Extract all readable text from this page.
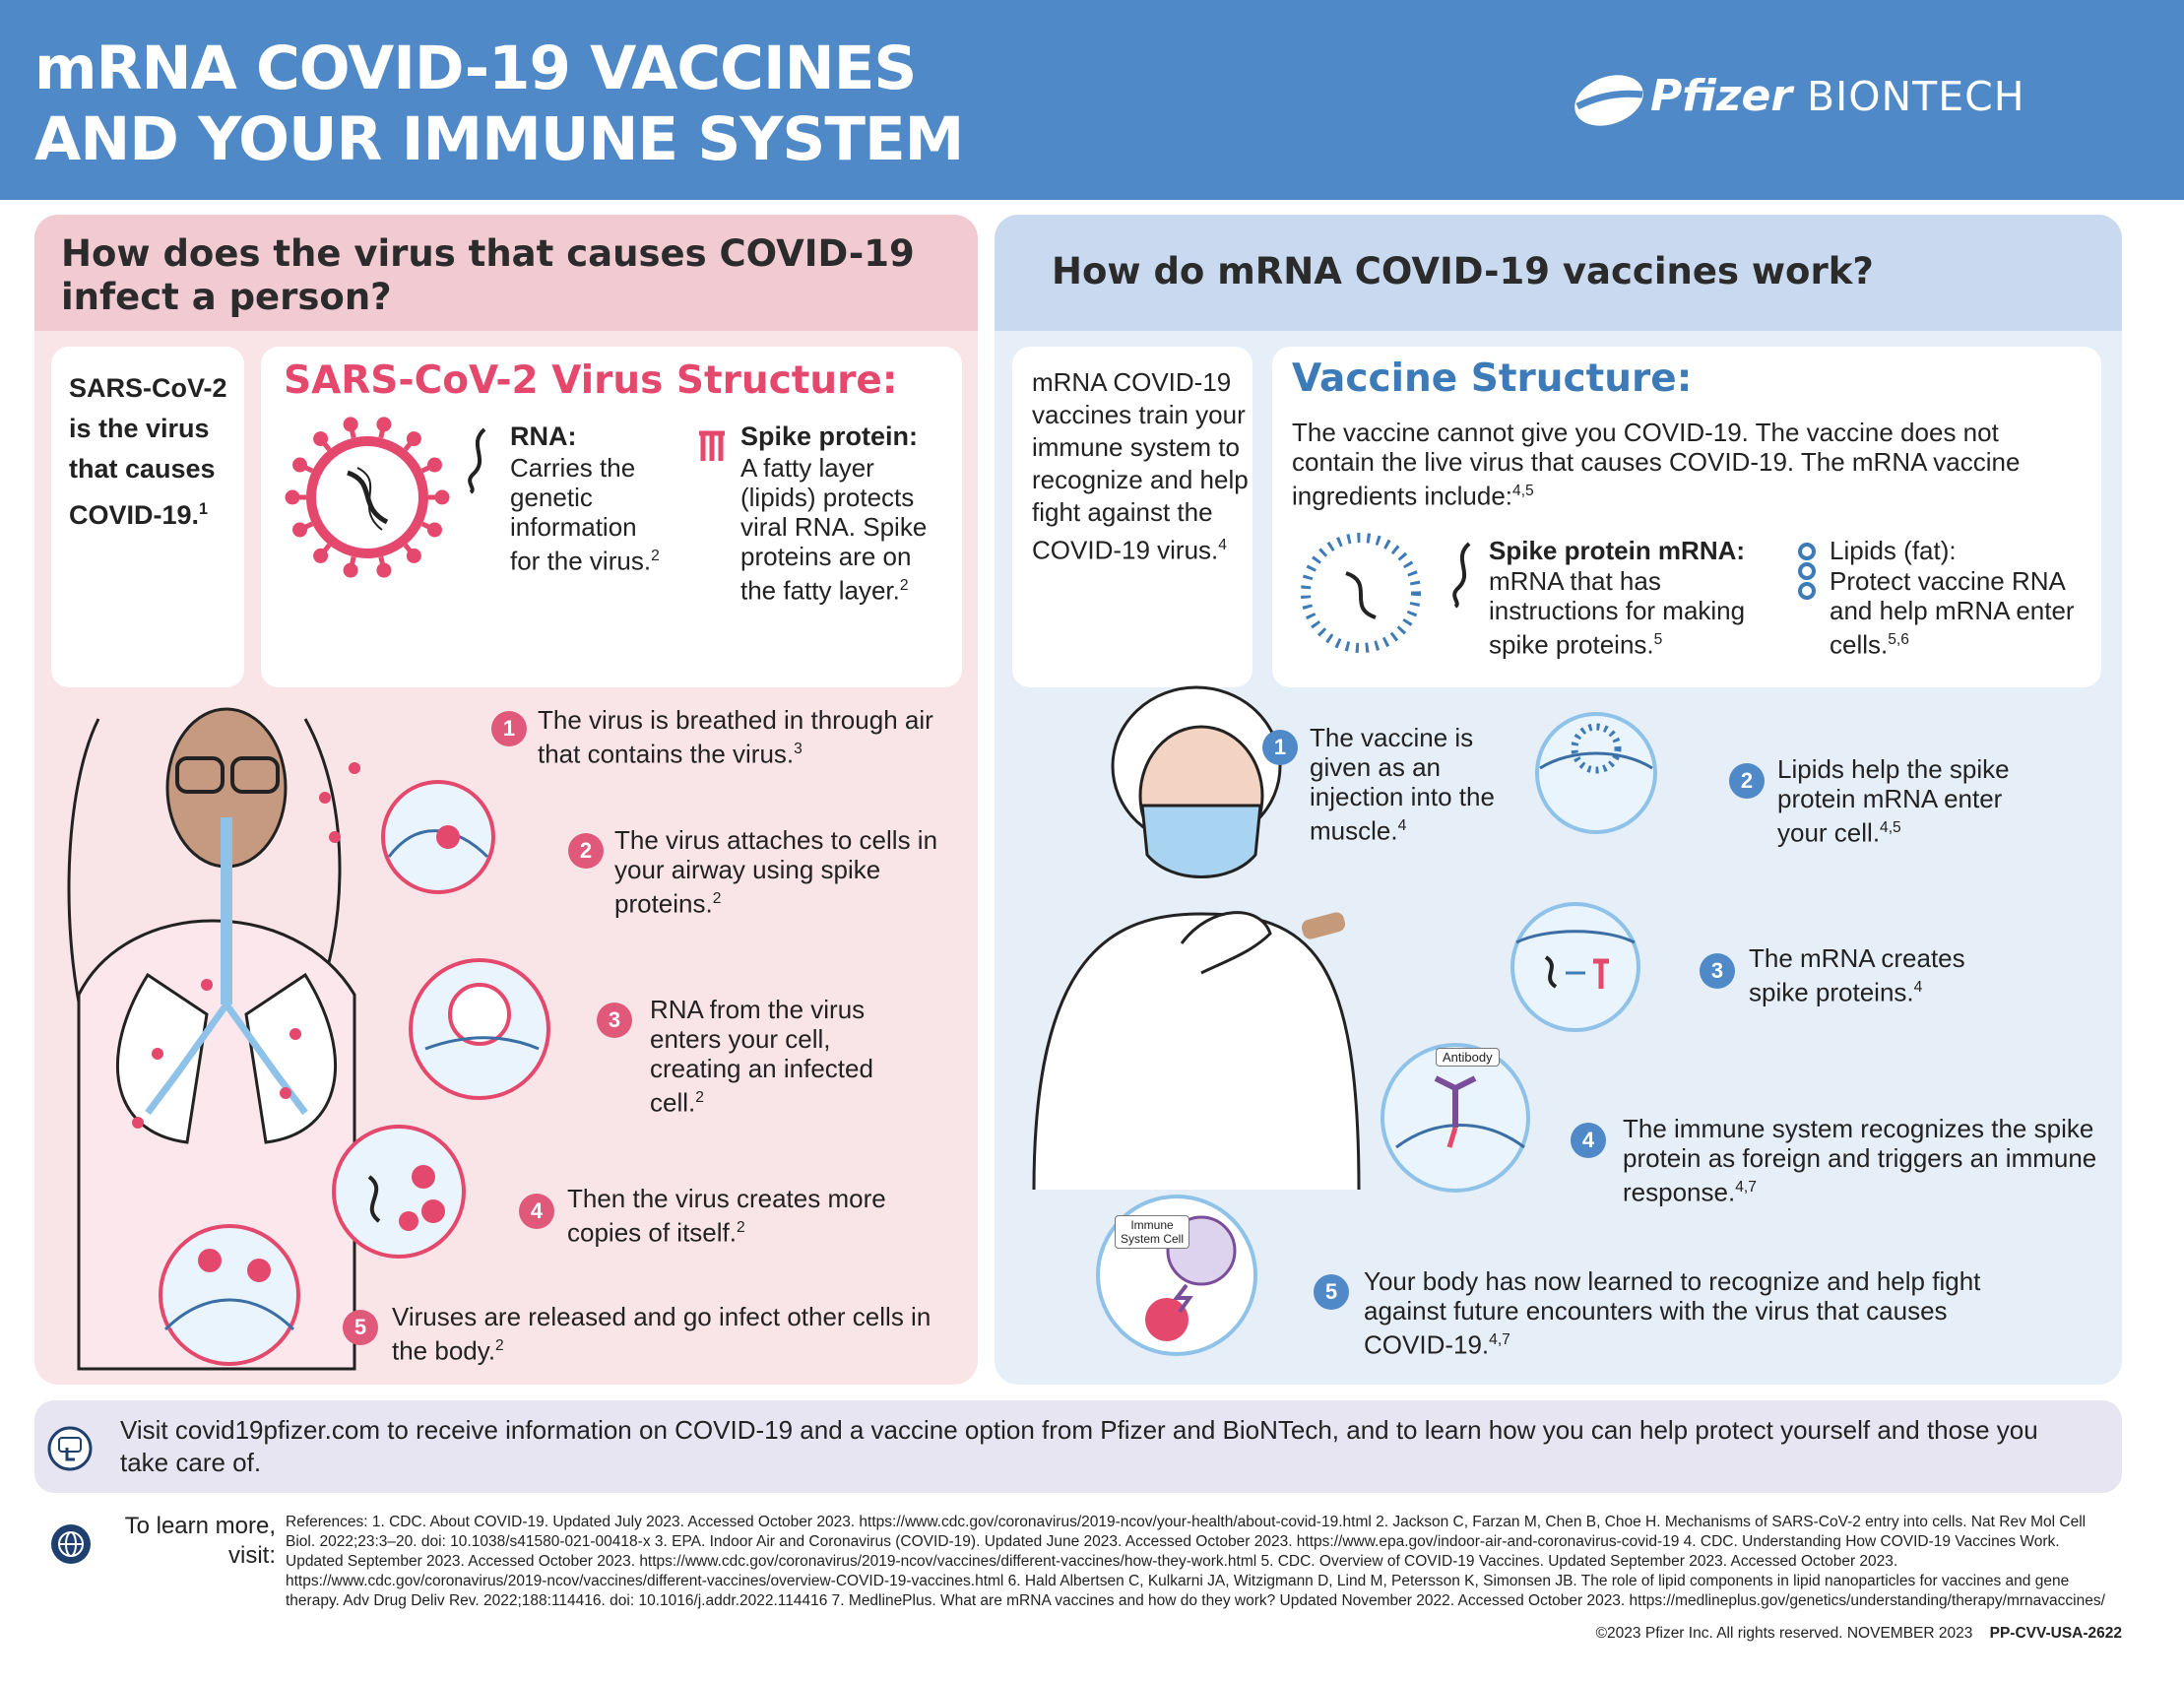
mRNA COVID-19 VACCINES
AND YOUR IMMUNE SYSTEM
Pfizer BIONTECH
How does the virus that causes COVID-19 infect a person?
SARS-CoV-2 is the virus that causes COVID-19.$^1$
SARS-CoV-2 Virus Structure:
RNA:
Carries the genetic information for the virus.$^2$
Spike protein:
A fatty layer (lipids) protects viral RNA. Spike proteins are on the fatty layer.$^2$
1 The virus is breathed in through air that contains the virus.$^3$
2 The virus attaches to cells in your airway using spike proteins.$^2$
3	RNA from the virus enters your cell, creating an infected cell.$^2$
4 Then the virus creates more copies of itself.$^2$
5 Viruses are released and go infect other cells in the body.$^2$
How do mRNA COVID-19 vaccines work?
mRNA COVID-19 vaccines train your immune system to recognize and help fight against the COVID-19 virus.$^4$
Vaccine Structure:
The vaccine cannot give you COVID-19. The vaccine does not contain the live virus that causes COVID-19. The mRNA vaccine ingredients include:$^{4,5}$
Spike protein mRNA:
mRNA that has instructions for making spike proteins.$^5$
Lipids (fat):
Protect vaccine RNA and help mRNA enter cells.$^{5,6}$
Antibody
Immune System Cell
1 The vaccine is given as an injection into the muscle.$^4$
2 Lipids help the spike protein mRNA enter your cell.$^{4,5}$
3 The mRNA creates spike proteins.$^4$
4	The immune system recognizes the spike protein as foreign and triggers an immune response.$^{4,7}$
5	Your body has now learned to recognize and help fight against future encounters with the virus that causes COVID-19.$^{4,7}$
Visit covid19pfizer.com to receive information on COVID-19 and a vaccine option from Pfizer and BioNTech, and to learn how you can help protect yourself and those you take care of.
To learn more, visit:
References: 1. CDC. About COVID-19. Updated July 2023. Accessed October 2023. https://www.cdc.gov/coronavirus/2019-ncov/your-health/about-covid-19.html 2. Jackson C, Farzan M, Chen B, Choe H. Mechanisms of SARS-CoV-2 entry into cells. Nat Rev Mol Cell Biol. 2022;23:3–20. doi: 10.1038/s41580-021-00418-x 3. EPA. Indoor Air and Coronavirus (COVID-19). Updated June 2023. Accessed October 2023. https://www.epa.gov/indoor-air-and-coronavirus-covid-19 4. CDC. Understanding How COVID-19 Vaccines Work. Updated September 2023. Accessed October 2023. https://www.cdc.gov/coronavirus/2019-ncov/vaccines/different-vaccines/how-they-work.html 5. CDC. Overview of COVID-19 Vaccines. Updated September 2023. Accessed October 2023. https://www.cdc.gov/coronavirus/2019-ncov/vaccines/different-vaccines/overview-COVID-19-vaccines.html 6. Hald Albertsen C, Kulkarni JA, Witzigmann D, Lind M, Petersson K, Simonsen JB. The role of lipid components in lipid nanoparticles for vaccines and gene therapy. Adv Drug Deliv Rev. 2022;188:114416. doi: 10.1016/j.addr.2022.114416 7. MedlinePlus. What are mRNA vaccines and how do they work? Updated November 2022. Accessed October 2023. https://medlineplus.gov/genetics/understanding/therapy/mrnavaccines/
©2023 Pfizer Inc. All rights reserved. NOVEMBER 2023 PP-CVV-USA-2622
